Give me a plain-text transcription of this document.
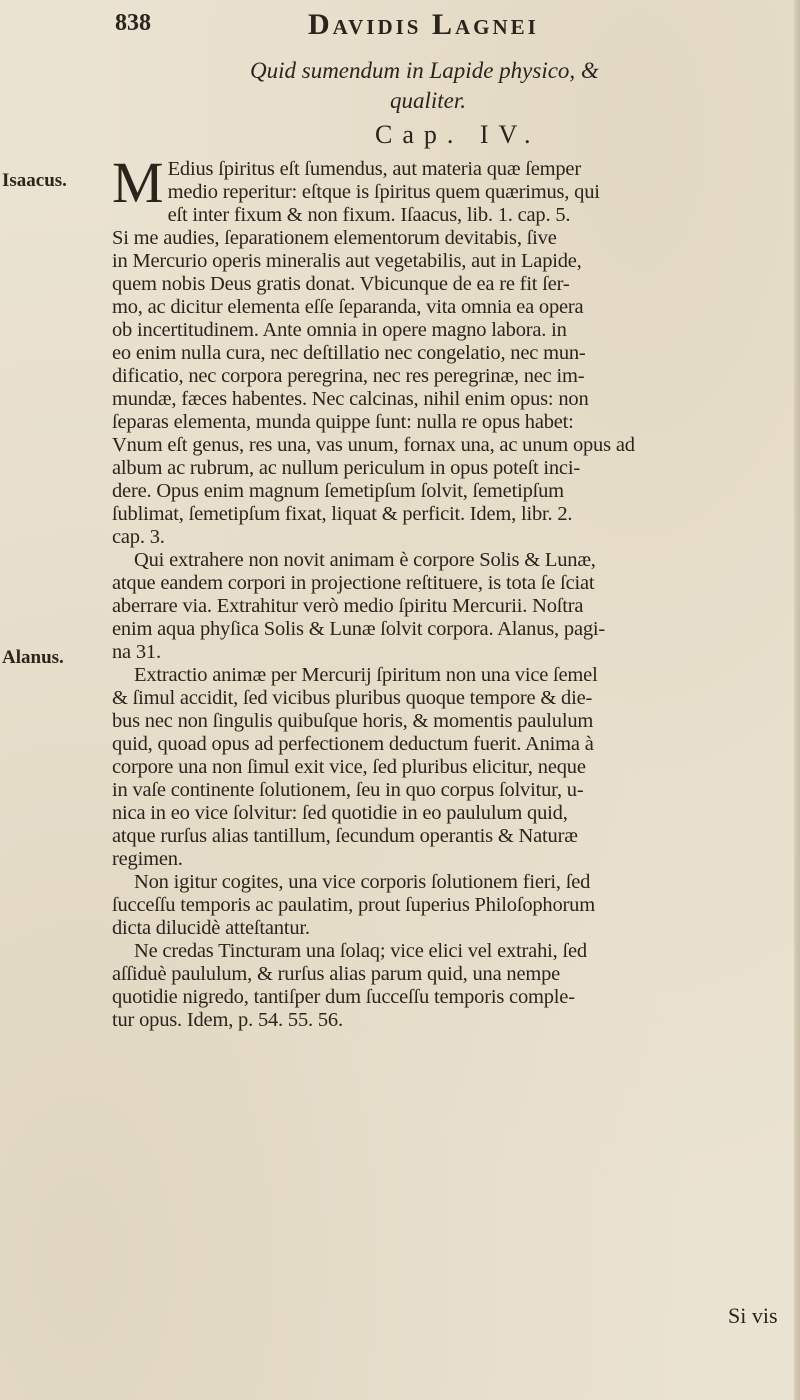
838	Davidis Lagnei
Quid sumendum in Lapide physico, &
qualiter.
Cap. IV.
Isaacus.
Alanus.
M Edius ſpiritus eſt ſumendus, aut materia quæ ſemper
medio reperitur: eſtque is ſpiritus quem quærimus, qui
eſt inter fixum & non fixum. Iſaacus, lib. 1. cap. 5.
Si me audies, ſeparationem elementorum devitabis, ſive
in Mercurio operis mineralis aut vegetabilis, aut in Lapide,
quem nobis Deus gratis donat. Vbicunque de ea re fit ſer-
mo, ac dicitur elementa eſſe ſeparanda, vita omnia ea opera
ob incertitudinem. Ante omnia in opere magno labora. in
eo enim nulla cura, nec deſtillatio nec congelatio, nec mun-
dificatio, nec corpora peregrina, nec res peregrinæ, nec im-
mundæ, fæces habentes. Nec calcinas, nihil enim opus: non
ſeparas elementa, munda quippe ſunt: nulla re opus habet:
Vnum eſt genus, res una, vas unum, fornax una, ac unum opus ad
album ac rubrum, ac nullum periculum in opus poteſt inci-
dere. Opus enim magnum ſemetipſum ſolvit, ſemetipſum
ſublimat, ſemetipſum fixat, liquat & perficit. Idem, libr. 2.
cap. 3.
Qui extrahere non novit animam è corpore Solis & Lunæ,
atque eandem corpori in projectione reſtituere, is tota ſe ſciat
aberrare via. Extrahitur verò medio ſpiritu Mercurii. Noſtra
enim aqua phyſica Solis & Lunæ ſolvit corpora. Alanus, pagi-
na 31.
Extractio animæ per Mercurij ſpiritum non una vice ſemel
& ſimul accidit, ſed vicibus pluribus quoque tempore & die-
bus nec non ſingulis quibuſque horis, & momentis paululum
quid, quoad opus ad perfectionem deductum fuerit. Anima à
corpore una non ſimul exit vice, ſed pluribus elicitur, neque
in vaſe continente ſolutionem, ſeu in quo corpus ſolvitur, u-
nica in eo vice ſolvitur: ſed quotidie in eo paululum quid,
atque rurſus alias tantillum, ſecundum operantis & Naturæ
regimen.
Non igitur cogites, una vice corporis ſolutionem fieri, ſed
ſucceſſu temporis ac paulatim, prout ſuperius Philoſophorum
dicta dilucidè atteſtantur.
Ne credas Tincturam una ſolaq; vice elici vel extrahi, ſed
aſſiduè paululum, & rurſus alias parum quid, una nempe
quotidie nigredo, tantiſper dum ſucceſſu temporis comple-
tur opus. Idem, p. 54. 55. 56.
Si vis
